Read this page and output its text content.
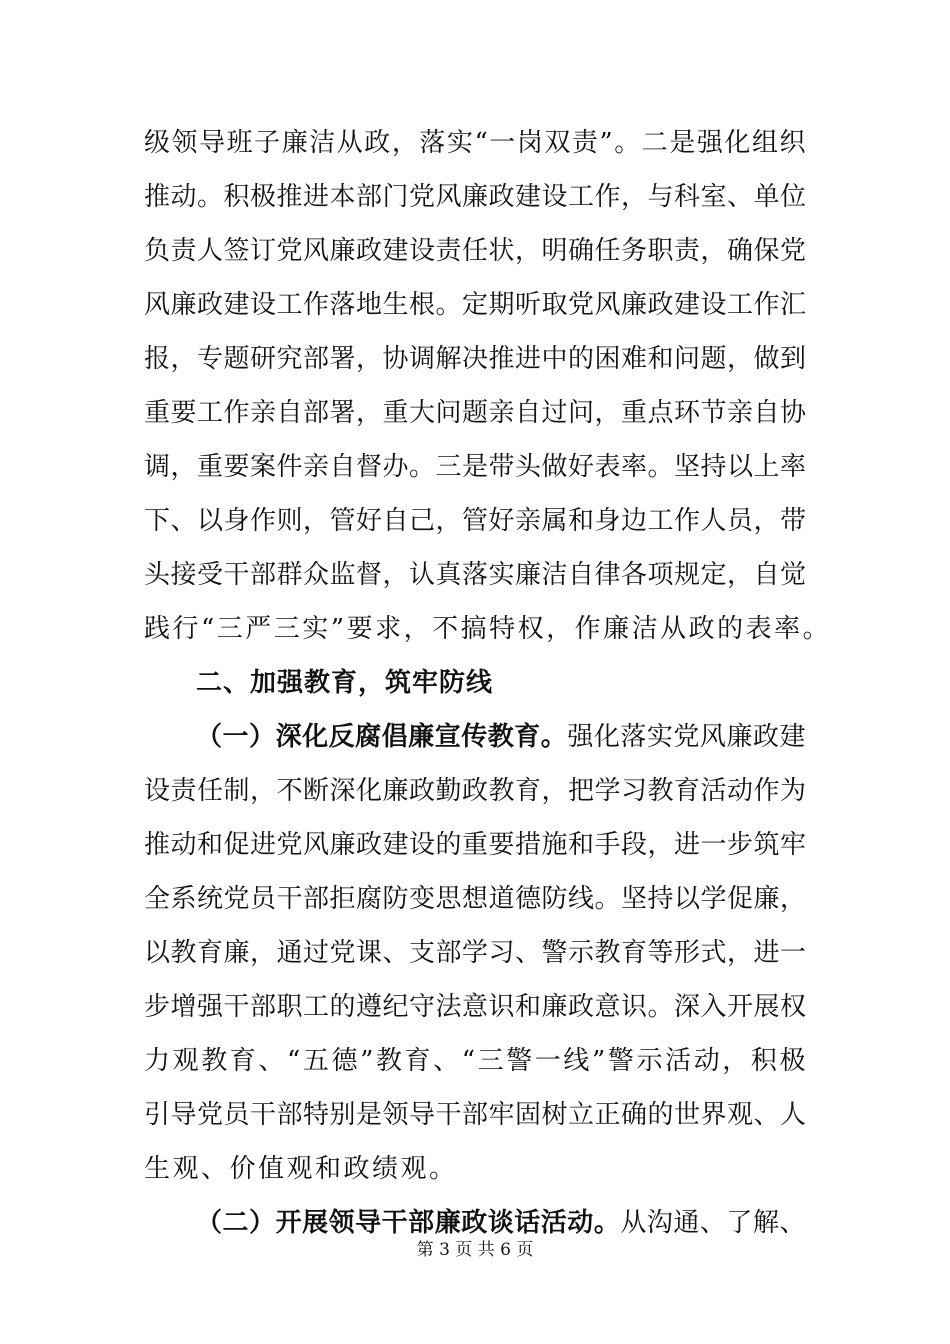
级领导班子廉洁从政，落实“一岗双责”。二是强化组织
推动。积极推进本部门党风廉政建设工作，与科室、单位
负责人签订党风廉政建设责任状，明确任务职责，确保党
风廉政建设工作落地生根。定期听取党风廉政建设工作汇
报，专题研究部署，协调解决推进中的困难和问题，做到
重要工作亲自部署，重大问题亲自过问，重点环节亲自协
调，重要案件亲自督办。三是带头做好表率。坚持以上率
下、以身作则，管好自己，管好亲属和身边工作人员，带
头接受干部群众监督，认真落实廉洁自律各项规定，自觉
践行“三严三实”要求，不搞特权，作廉洁从政的表率。
二、加强教育，筑牢防线
（一）深化反腐倡廉宣传教育。强化落实党风廉政建
设责任制，不断深化廉政勤政教育，把学习教育活动作为
推动和促进党风廉政建设的重要措施和手段，进一步筑牢
全系统党员干部拒腐防变思想道德防线。坚持以学促廉，
以教育廉，通过党课、支部学习、警示教育等形式，进一
步增强干部职工的遵纪守法意识和廉政意识。深入开展权
力观教育、“五德”教育、“三警一线”警示活动，积极
引导党员干部特别是领导干部牢固树立正确的世界观、人
生观、价值观和政绩观。
（二）开展领导干部廉政谈话活动。从沟通、了解、
第 3 页 共 6 页
